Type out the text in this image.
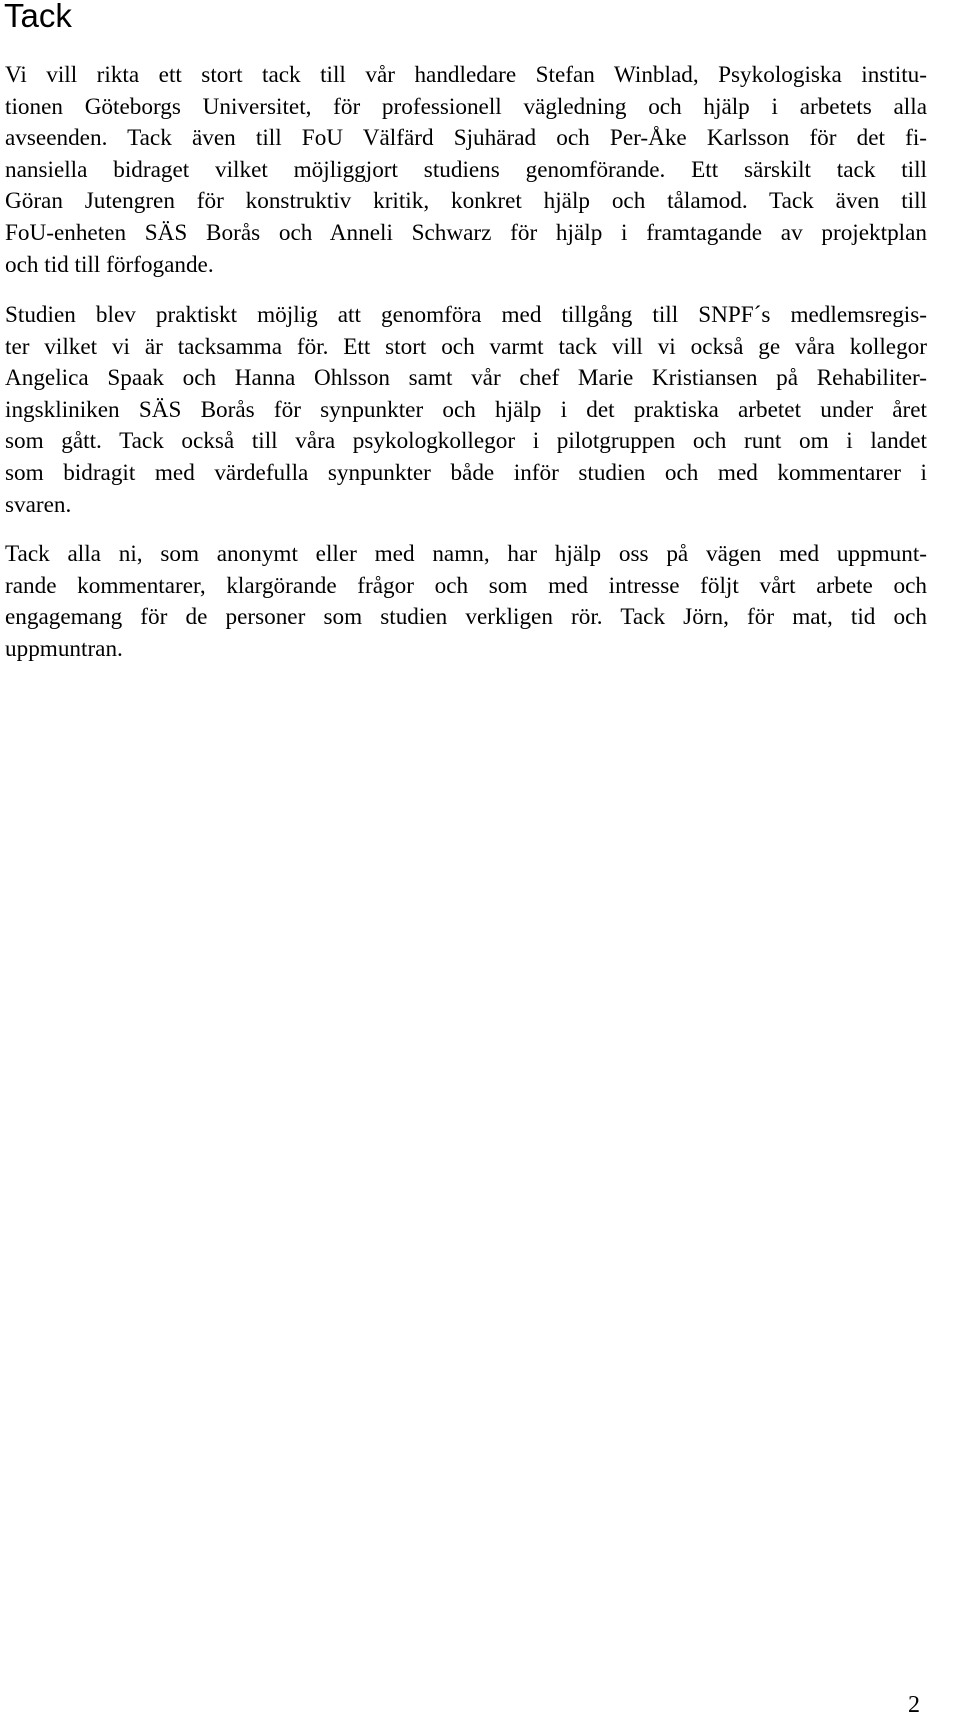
Tack

Vi vill rikta ett stort tack till vår handledare Stefan Winblad, Psykologiska institu-
tionen Göteborgs Universitet, för professionell vägledning och hjälp i arbetets alla
avseenden. Tack även till FoU Välfärd Sjuhärad och Per-Åke Karlsson för det fi-
nansiella bidraget vilket möjliggjort studiens genomförande. Ett särskilt tack till
Göran Jutengren för konstruktiv kritik, konkret hjälp och tålamod. Tack även till
FoU-enheten SÄS Borås och Anneli Schwarz för hjälp i framtagande av projektplan
och tid till förfogande.

Studien blev praktiskt möjlig att genomföra med tillgång till SNPF´s medlemsregis-
ter vilket vi är tacksamma för. Ett stort och varmt tack vill vi också ge våra kollegor
Angelica Spaak och Hanna Ohlsson samt vår chef Marie Kristiansen på Rehabiliter-
ingskliniken SÄS Borås för synpunkter och hjälp i det praktiska arbetet under året
som gått. Tack också till våra psykologkollegor i pilotgruppen och runt om i landet
som bidragit med värdefulla synpunkter både inför studien och med kommentarer i
svaren.

Tack alla ni, som anonymt eller med namn, har hjälp oss på vägen med uppmunt-
rande kommentarer, klargörande frågor och som med intresse följt vårt arbete och
engagemang för de personer som studien verkligen rör. Tack Jörn, för mat, tid och
uppmuntran.

2
